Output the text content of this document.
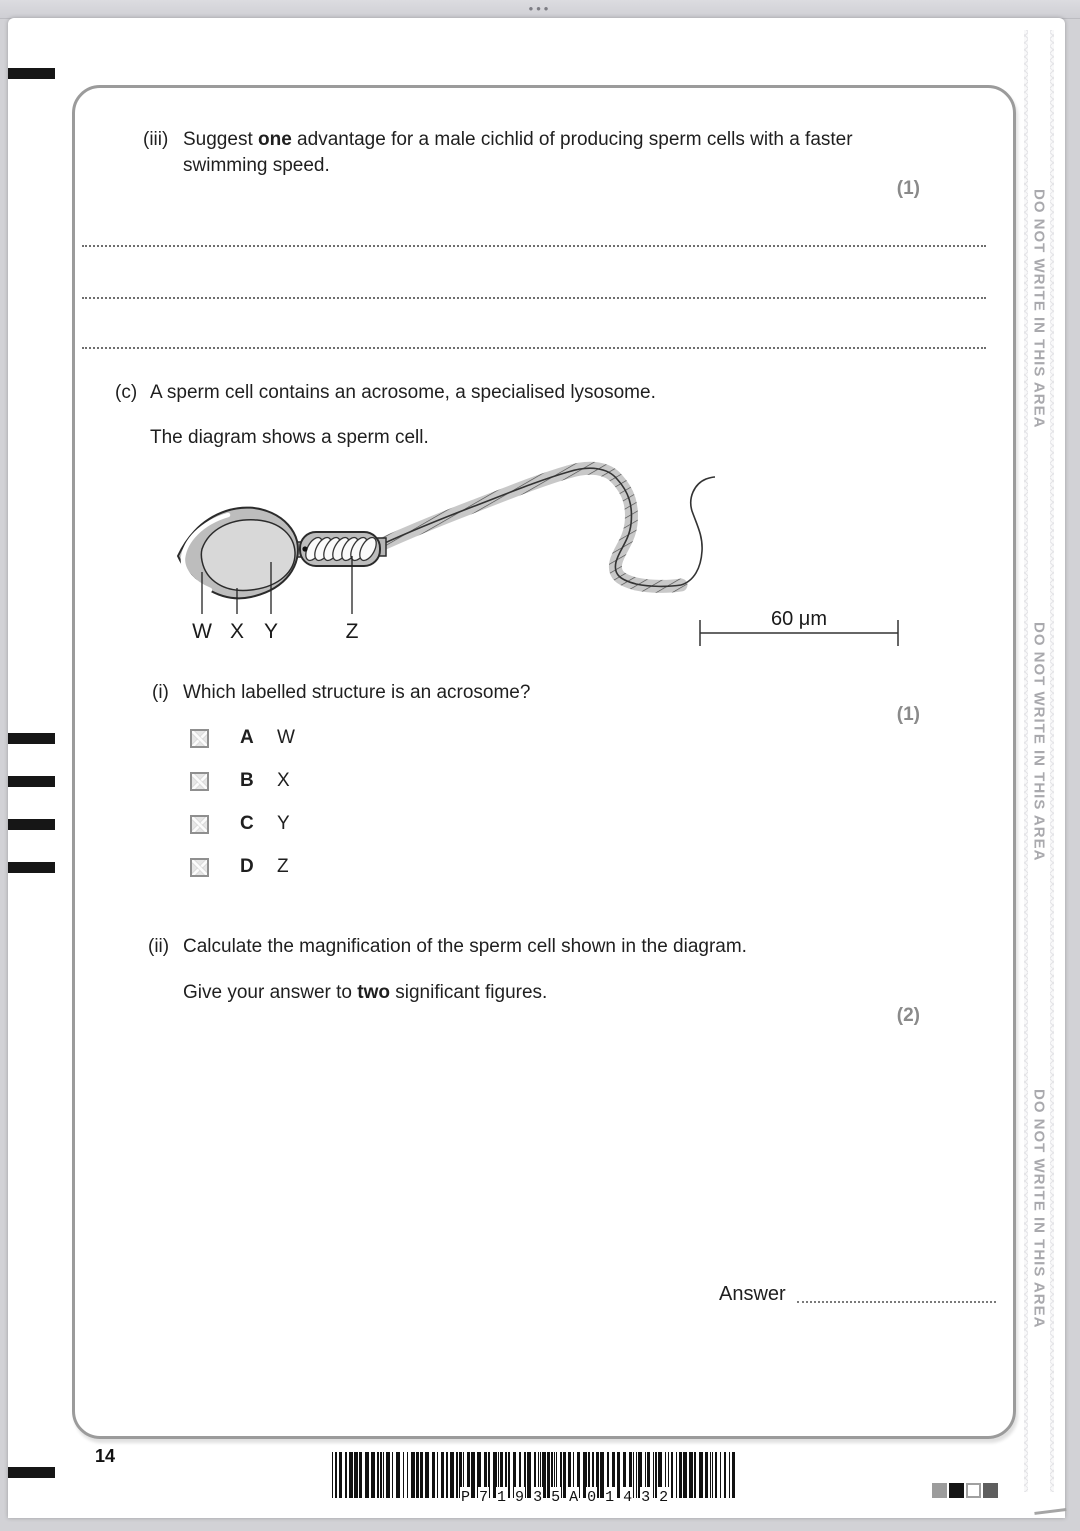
•••
DO NOT WRITE IN THIS AREA
DO NOT WRITE IN THIS AREA
DO NOT WRITE IN THIS AREA
(iii) Suggest one advantage for a male cichlid of producing sperm cells with a faster swimming speed.
(1)
(c) A sperm cell contains an acrosome, a specialised lysosome.
The diagram shows a sperm cell.
W X Y	Z
60 μm
(i) Which labelled structure is an acrosome?
(1)
A W
B X
C Y
D Z
(ii) Calculate the magnification of the sperm cell shown in the diagram.
Give your answer to two significant figures.
(2)
Answer
14
P 7 1 9 3 5 A 0 1 4 3 2
